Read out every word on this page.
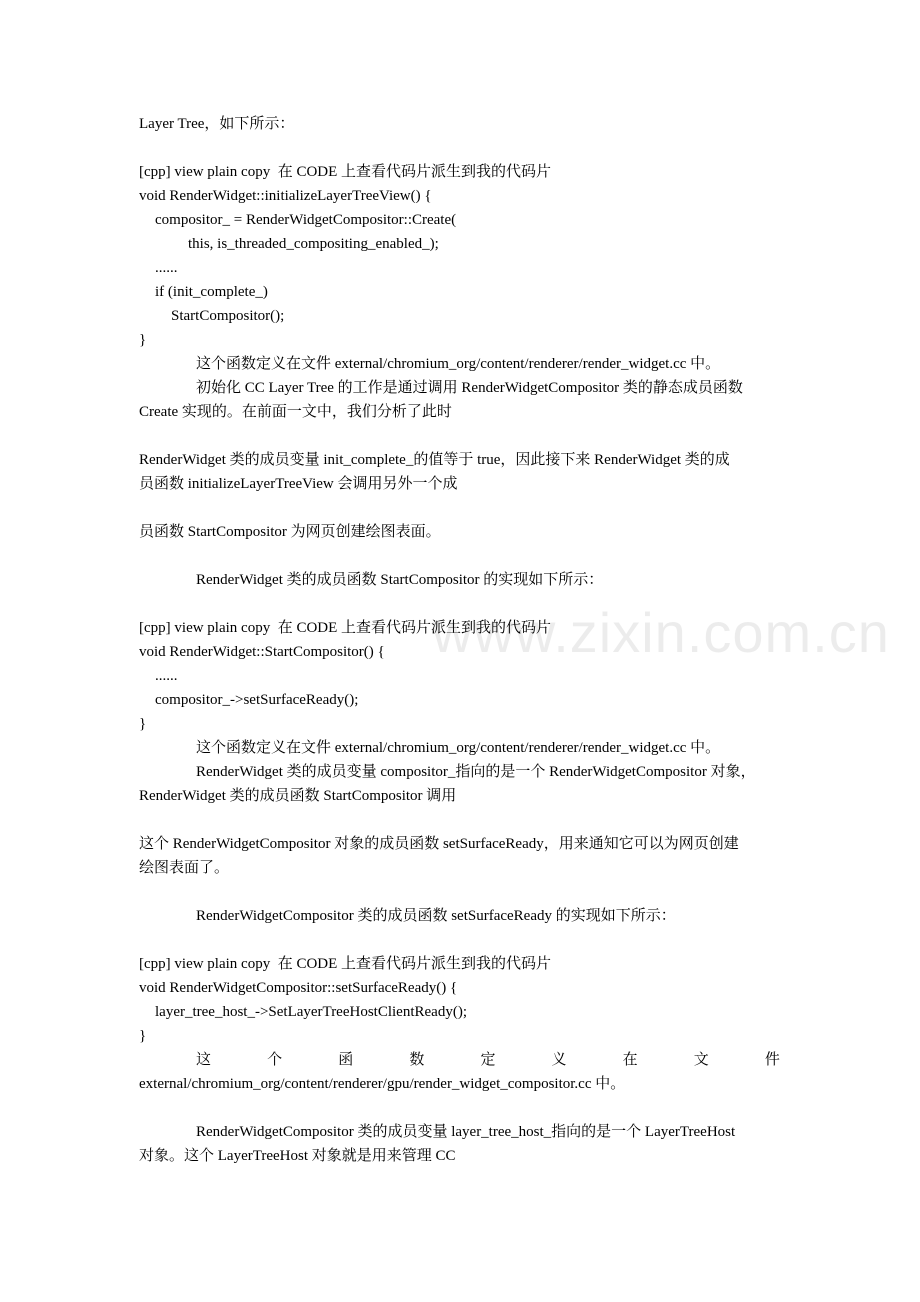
www.zixin.com.cn
Layer Tree，如下所示：
[cpp] view plain copy  在 CODE 上查看代码片派生到我的代码片
void RenderWidget::initializeLayerTreeView() {
compositor_ = RenderWidgetCompositor::Create(
this, is_threaded_compositing_enabled_);
......
if (init_complete_)
StartCompositor();
}
这个函数定义在文件 external/chromium_org/content/renderer/render_widget.cc 中。
初始化 CC Layer Tree 的工作是通过调用 RenderWidgetCompositor 类的静态成员函数
Create 实现的。在前面一文中，我们分析了此时
RenderWidget 类的成员变量 init_complete_的值等于 true，因此接下来 RenderWidget 类的成
员函数 initializeLayerTreeView 会调用另外一个成
员函数 StartCompositor 为网页创建绘图表面。
RenderWidget 类的成员函数 StartCompositor 的实现如下所示：
[cpp] view plain copy  在 CODE 上查看代码片派生到我的代码片
void RenderWidget::StartCompositor() {
......
compositor_->setSurfaceReady();
}
这个函数定义在文件 external/chromium_org/content/renderer/render_widget.cc 中。
RenderWidget 类的成员变量 compositor_指向的是一个 RenderWidgetCompositor 对象，
RenderWidget 类的成员函数 StartCompositor 调用
这个 RenderWidgetCompositor 对象的成员函数 setSurfaceReady，用来通知它可以为网页创建
绘图表面了。
RenderWidgetCompositor 类的成员函数 setSurfaceReady 的实现如下所示：
[cpp] view plain copy  在 CODE 上查看代码片派生到我的代码片
void RenderWidgetCompositor::setSurfaceReady() {
layer_tree_host_->SetLayerTreeHostClientReady();
}
这	个	函	数	定	义	在	文	件
external/chromium_org/content/renderer/gpu/render_widget_compositor.cc 中。
RenderWidgetCompositor 类的成员变量 layer_tree_host_指向的是一个 LayerTreeHost
对象。这个 LayerTreeHost 对象就是用来管理 CC
